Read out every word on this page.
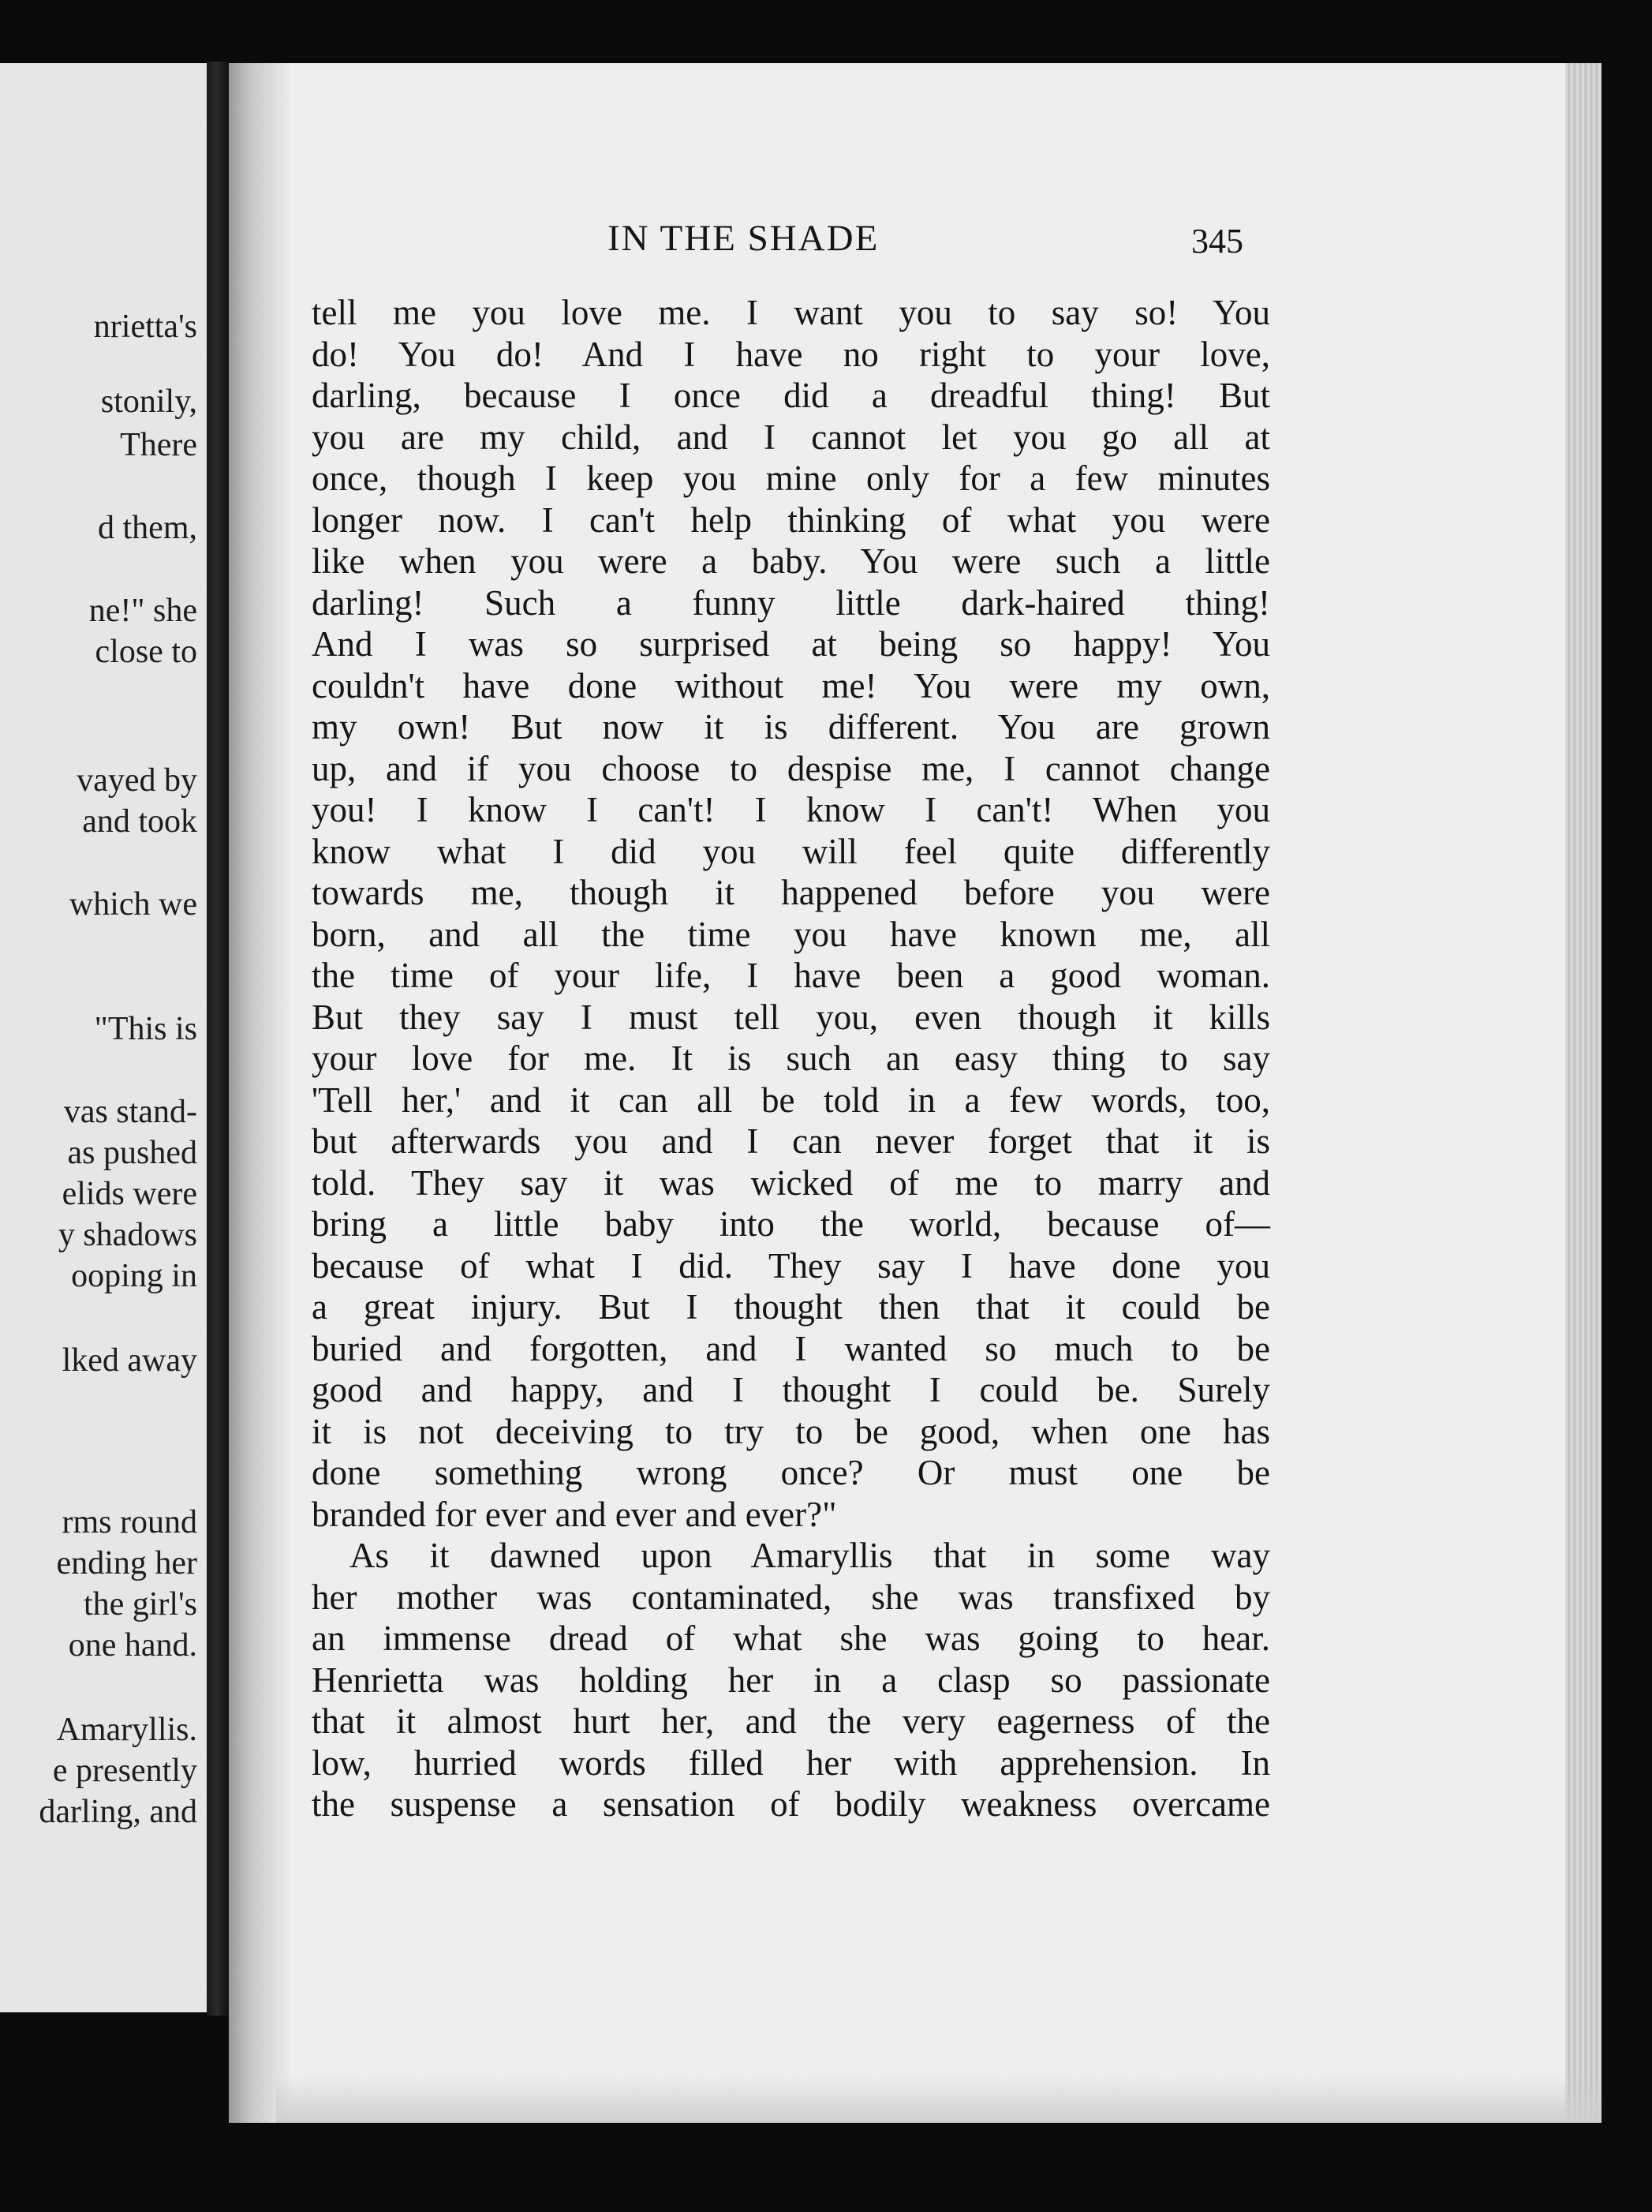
nrietta's
stonily,
There
d them,
ne!" she
close to
vayed by
and took
which we
"This is
vas stand-
as pushed
elids were
y shadows
ooping in
lked away
rms round
ending her
the girl's
one hand.
Amaryllis.
e presently
darling, and
IN THE SHADE	345
tell me you love me. I want you to say so! You
do! You do! And I have no right to your love,
darling, because I once did a dreadful thing! But
you are my child, and I cannot let you go all at
once, though I keep you mine only for a few minutes
longer now. I can't help thinking of what you were
like when you were a baby. You were such a little
darling! Such a funny little dark-haired thing!
And I was so surprised at being so happy! You
couldn't have done without me! You were my own,
my own! But now it is different. You are grown
up, and if you choose to despise me, I cannot change
you! I know I can't! I know I can't! When you
know what I did you will feel quite differently
towards me, though it happened before you were
born, and all the time you have known me, all
the time of your life, I have been a good woman.
But they say I must tell you, even though it kills
your love for me. It is such an easy thing to say
'Tell her,' and it can all be told in a few words, too,
but afterwards you and I can never forget that it is
told. They say it was wicked of me to marry and
bring a little baby into the world, because of—
because of what I did. They say I have done you
a great injury. But I thought then that it could be
buried and forgotten, and I wanted so much to be
good and happy, and I thought I could be. Surely
it is not deceiving to try to be good, when one has
done something wrong once? Or must one be
branded for ever and ever and ever?"
As it dawned upon Amaryllis that in some way
her mother was contaminated, she was transfixed by
an immense dread of what she was going to hear.
Henrietta was holding her in a clasp so passionate
that it almost hurt her, and the very eagerness of the
low, hurried words filled her with apprehension. In
the suspense a sensation of bodily weakness overcame
